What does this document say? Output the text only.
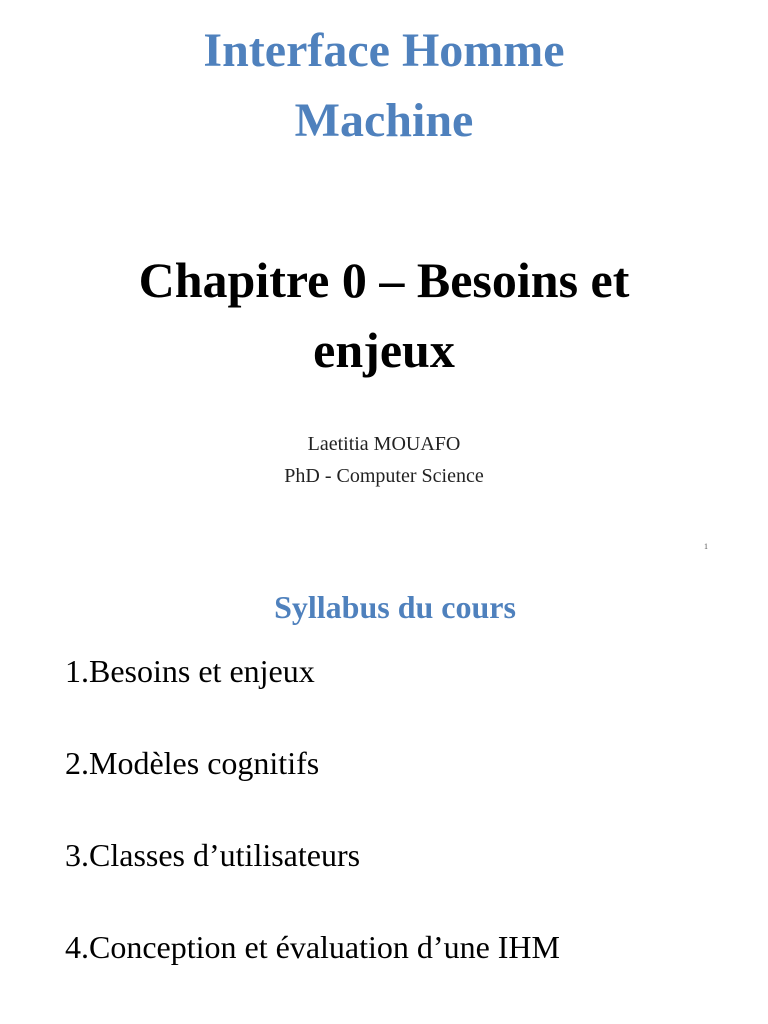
Interface Homme
Machine
Chapitre 0 – Besoins et
enjeux
Laetitia MOUAFO
PhD - Computer Science
1
Syllabus du cours
1.Besoins et enjeux
2.Modèles cognitifs
3.Classes d’utilisateurs
4.Conception et évaluation d’une IHM
